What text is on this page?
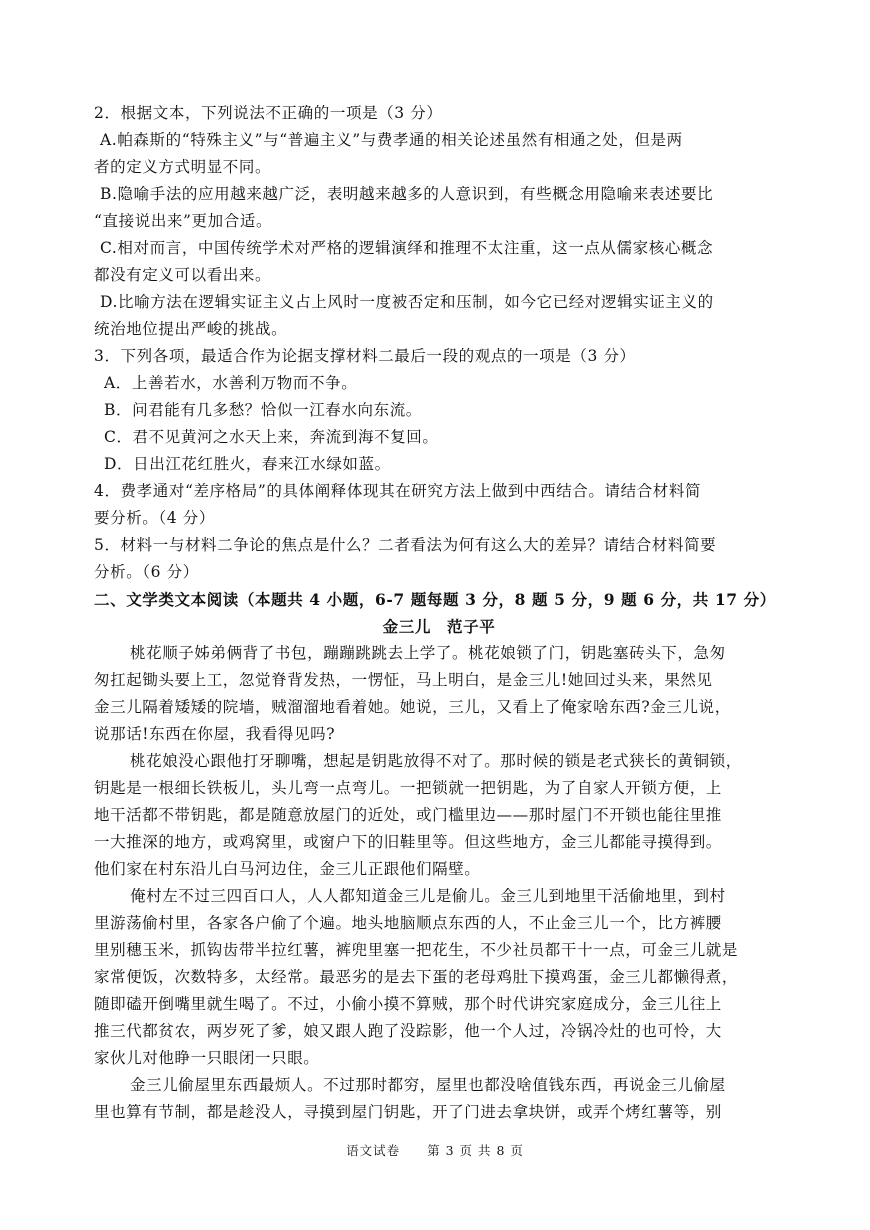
2．根据文本，下列说法不正确的一项是（3 分）
A.帕森斯的“特殊主义”与“普遍主义”与费孝通的相关论述虽然有相通之处，但是两
者的定义方式明显不同。
B.隐喻手法的应用越来越广泛，表明越来越多的人意识到，有些概念用隐喻来表述要比
“直接说出来”更加合适。
C.相对而言，中国传统学术对严格的逻辑演绎和推理不太注重，这一点从儒家核心概念
都没有定义可以看出来。
D.比喻方法在逻辑实证主义占上风时一度被否定和压制，如今它已经对逻辑实证主义的
统治地位提出严峻的挑战。
3．下列各项，最适合作为论据支撑材料二最后一段的观点的一项是（3 分）
A．上善若水，水善利万物而不争。
B．问君能有几多愁？恰似一江春水向东流。
C．君不见黄河之水天上来，奔流到海不复回。
D．日出江花红胜火，春来江水绿如蓝。
4．费孝通对“差序格局”的具体阐释体现其在研究方法上做到中西结合。请结合材料简
要分析。（4 分）
5．材料一与材料二争论的焦点是什么？二者看法为何有这么大的差异？请结合材料简要
分析。（6 分）
二、文学类文本阅读（本题共 4 小题，6-7 题每题 3 分，8 题 5 分，9 题 6 分，共 17 分）
金三儿　范子平
桃花顺子姊弟俩背了书包，蹦蹦跳跳去上学了。桃花娘锁了门，钥匙塞砖头下，急匆
匆扛起锄头要上工，忽觉脊背发热，一愣怔，马上明白，是金三儿!她回过头来，果然见
金三儿隔着矮矮的院墙，贼溜溜地看着她。她说，三儿，又看上了俺家啥东西?金三儿说，
说那话!东西在你屋，我看得见吗?
桃花娘没心跟他打牙聊嘴，想起是钥匙放得不对了。那时候的锁是老式狭长的黄铜锁，
钥匙是一根细长铁板儿，头儿弯一点弯儿。一把锁就一把钥匙，为了自家人开锁方便，上
地干活都不带钥匙，都是随意放屋门的近处，或门槛里边——那时屋门不开锁也能往里推
一大推深的地方，或鸡窝里，或窗户下的旧鞋里等。但这些地方，金三儿都能寻摸得到。
他们家在村东沿儿白马河边住，金三儿正跟他们隔壁。
俺村左不过三四百口人，人人都知道金三儿是偷儿。金三儿到地里干活偷地里，到村
里游荡偷村里，各家各户偷了个遍。地头地脑顺点东西的人，不止金三儿一个，比方裤腰
里别穗玉米，抓钩齿带半拉红薯，裤兜里塞一把花生，不少社员都干十一点，可金三儿就是
家常便饭，次数特多，太经常。最恶劣的是去下蛋的老母鸡肚下摸鸡蛋，金三儿都懒得煮，
随即磕开倒嘴里就生喝了。不过，小偷小摸不算贼，那个时代讲究家庭成分，金三儿往上
推三代都贫农，两岁死了爹，娘又跟人跑了没踪影，他一个人过，冷锅冷灶的也可怜，大
家伙儿对他睁一只眼闭一只眼。
金三儿偷屋里东西最烦人。不过那时都穷，屋里也都没啥值钱东西，再说金三儿偷屋
里也算有节制，都是趁没人，寻摸到屋门钥匙，开了门进去拿块饼，或弄个烤红薯等，别
语文试卷　　第 3 页 共 8 页
